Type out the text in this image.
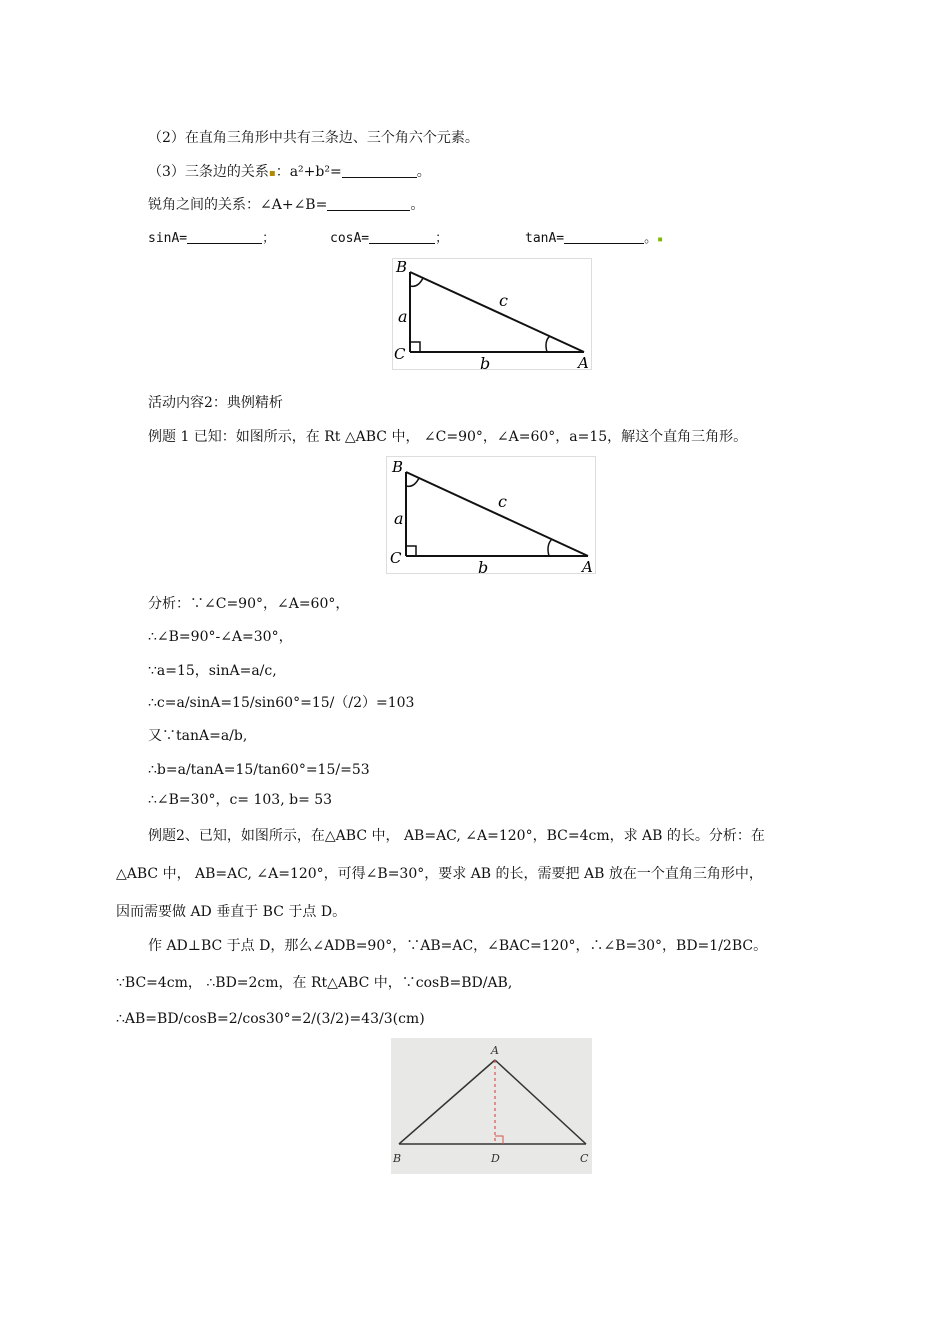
（2）在直角三角形中共有三条边、三个角六个元素。
（3）三条边的关系▪：a²+b²=	。
锐角之间的关系：∠A+∠B=	。
sinA=	；	cosA=	；	tanA=	。▪
B
C	A
a
b
c
活动内容2：典例精析
例题 1 已知：如图所示，在 Rt △ABC 中， ∠C=90°，∠A=60°，a=15，解这个直角三角形。
B
C	A
a
b
c
分析：∵∠C=90°，∠A=60°，
∴∠B=90°-∠A=30°，
∵a=15，sinA=a/c,
∴c=a/sinA=15/sin60°=15/（/2）=103
又∵tanA=a/b,
∴b=a/tanA=15/tan60°=15/=53
∴∠B=30°，c= 103, b= 53
例题2、已知，如图所示，在△ABC 中， AB=AC, ∠A=120°，BC=4cm，求 AB 的长。分析：在
△ABC 中， AB=AC, ∠A=120°，可得∠B=30°，要求 AB 的长，需要把 AB 放在一个直角三角形中，
因而需要做 AD 垂直于 BC 于点 D。
作 AD⊥BC 于点 D，那么∠ADB=90°，∵AB=AC，∠BAC=120°，∴∠B=30°，BD=1/2BC。
∵BC=4cm， ∴BD=2cm，在 Rt△ABC 中，∵cosB=BD/AB,
∴AB=BD/cosB=2/cos30°=2/(3/2)=43/3(cm)
A
B	D	C
